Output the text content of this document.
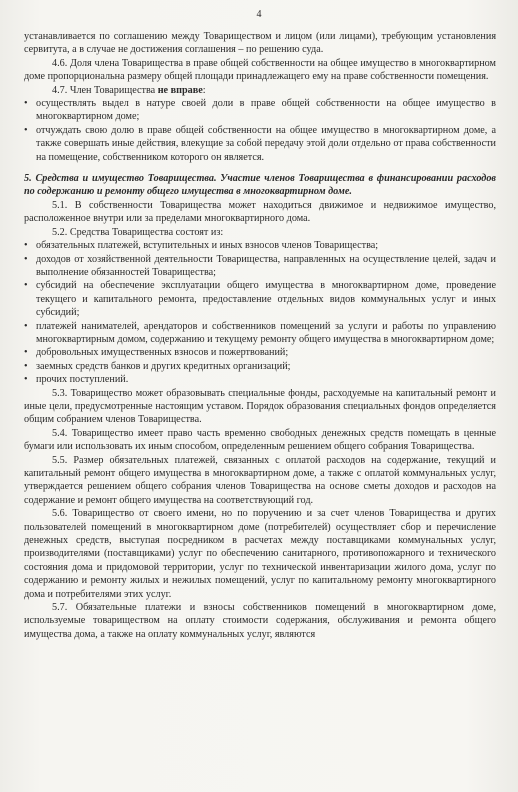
4

устанавливается по соглашению между Товариществом и лицом (или лицами), требующим установления сервитута, а в случае не достижения соглашения – по решению суда.

4.6. Доля члена Товарищества в праве общей собственности на общее имущество в многоквартирном доме пропорциональна размеру общей площади принадлежащего ему на праве собственности помещения.

4.7. Член Товарищества не вправе:

• осуществлять выдел в натуре своей доли в праве общей собственности на общее имущество в многоквартирном доме;

• отчуждать свою долю в праве общей собственности на общее имущество в многоквартирном доме, а также совершать иные действия, влекущие за собой передачу этой доли отдельно от права собственности на помещение, собственником которого он является.

5. Средства и имущество Товарищества. Участие членов Товарищества в финансировании расходов по содержанию и ремонту общего имущества в многоквартирном доме.

5.1. В собственности Товарищества может находиться движимое и недвижимое имущество, расположенное внутри или за пределами многоквартирного дома.

5.2. Средства Товарищества состоят из:

• обязательных платежей, вступительных и иных взносов членов Товарищества;

• доходов от хозяйственной деятельности Товарищества, направленных на осуществление целей, задач и выполнение обязанностей Товарищества;

• субсидий на обеспечение эксплуатации общего имущества в многоквартирном доме, проведение текущего и капитального ремонта, предоставление отдельных видов коммунальных услуг и иных субсидий;

• платежей нанимателей, арендаторов и собственников помещений за услуги и работы по управлению многоквартирным домом, содержанию и текущему ремонту общего имущества в многоквартирном доме;

• добровольных имущественных взносов и пожертвований;

• заемных средств банков и других кредитных организаций;

• прочих поступлений.

5.3. Товарищество может образовывать специальные фонды, расходуемые на капитальный ремонт и иные цели, предусмотренные настоящим уставом. Порядок образования специальных фондов определяется общим собранием членов Товарищества.

5.4. Товарищество имеет право часть временно свободных денежных средств помещать в ценные бумаги или использовать их иным способом, определенным решением общего собрания Товарищества.

5.5. Размер обязательных платежей, связанных с оплатой расходов на содержание, текущий и капитальный ремонт общего имущества в многоквартирном доме, а также с оплатой коммунальных услуг, утверждается решением общего собрания членов Товарищества на основе сметы доходов и расходов на содержание и ремонт общего имущества на соответствующий год.

5.6. Товарищество от своего имени, но по поручению и за счет членов Товарищества и других пользователей помещений в многоквартирном доме (потребителей) осуществляет сбор и перечисление денежных средств, выступая посредником в расчетах между поставщиками коммунальных услуг, производителями (поставщиками) услуг по обеспечению санитарного, противопожарного и технического состояния дома и придомовой территории, услуг по технической инвентаризации жилого дома, услуг по содержанию и ремонту жилых и нежилых помещений, услуг по капитальному ремонту многоквартирного дома и потребителями этих услуг.

5.7. Обязательные платежи и взносы собственников помещений в многоквартирном доме, используемые товариществом на оплату стоимости содержания, обслуживания и ремонта общего имущества дома, а также на оплату коммунальных услуг, являются
